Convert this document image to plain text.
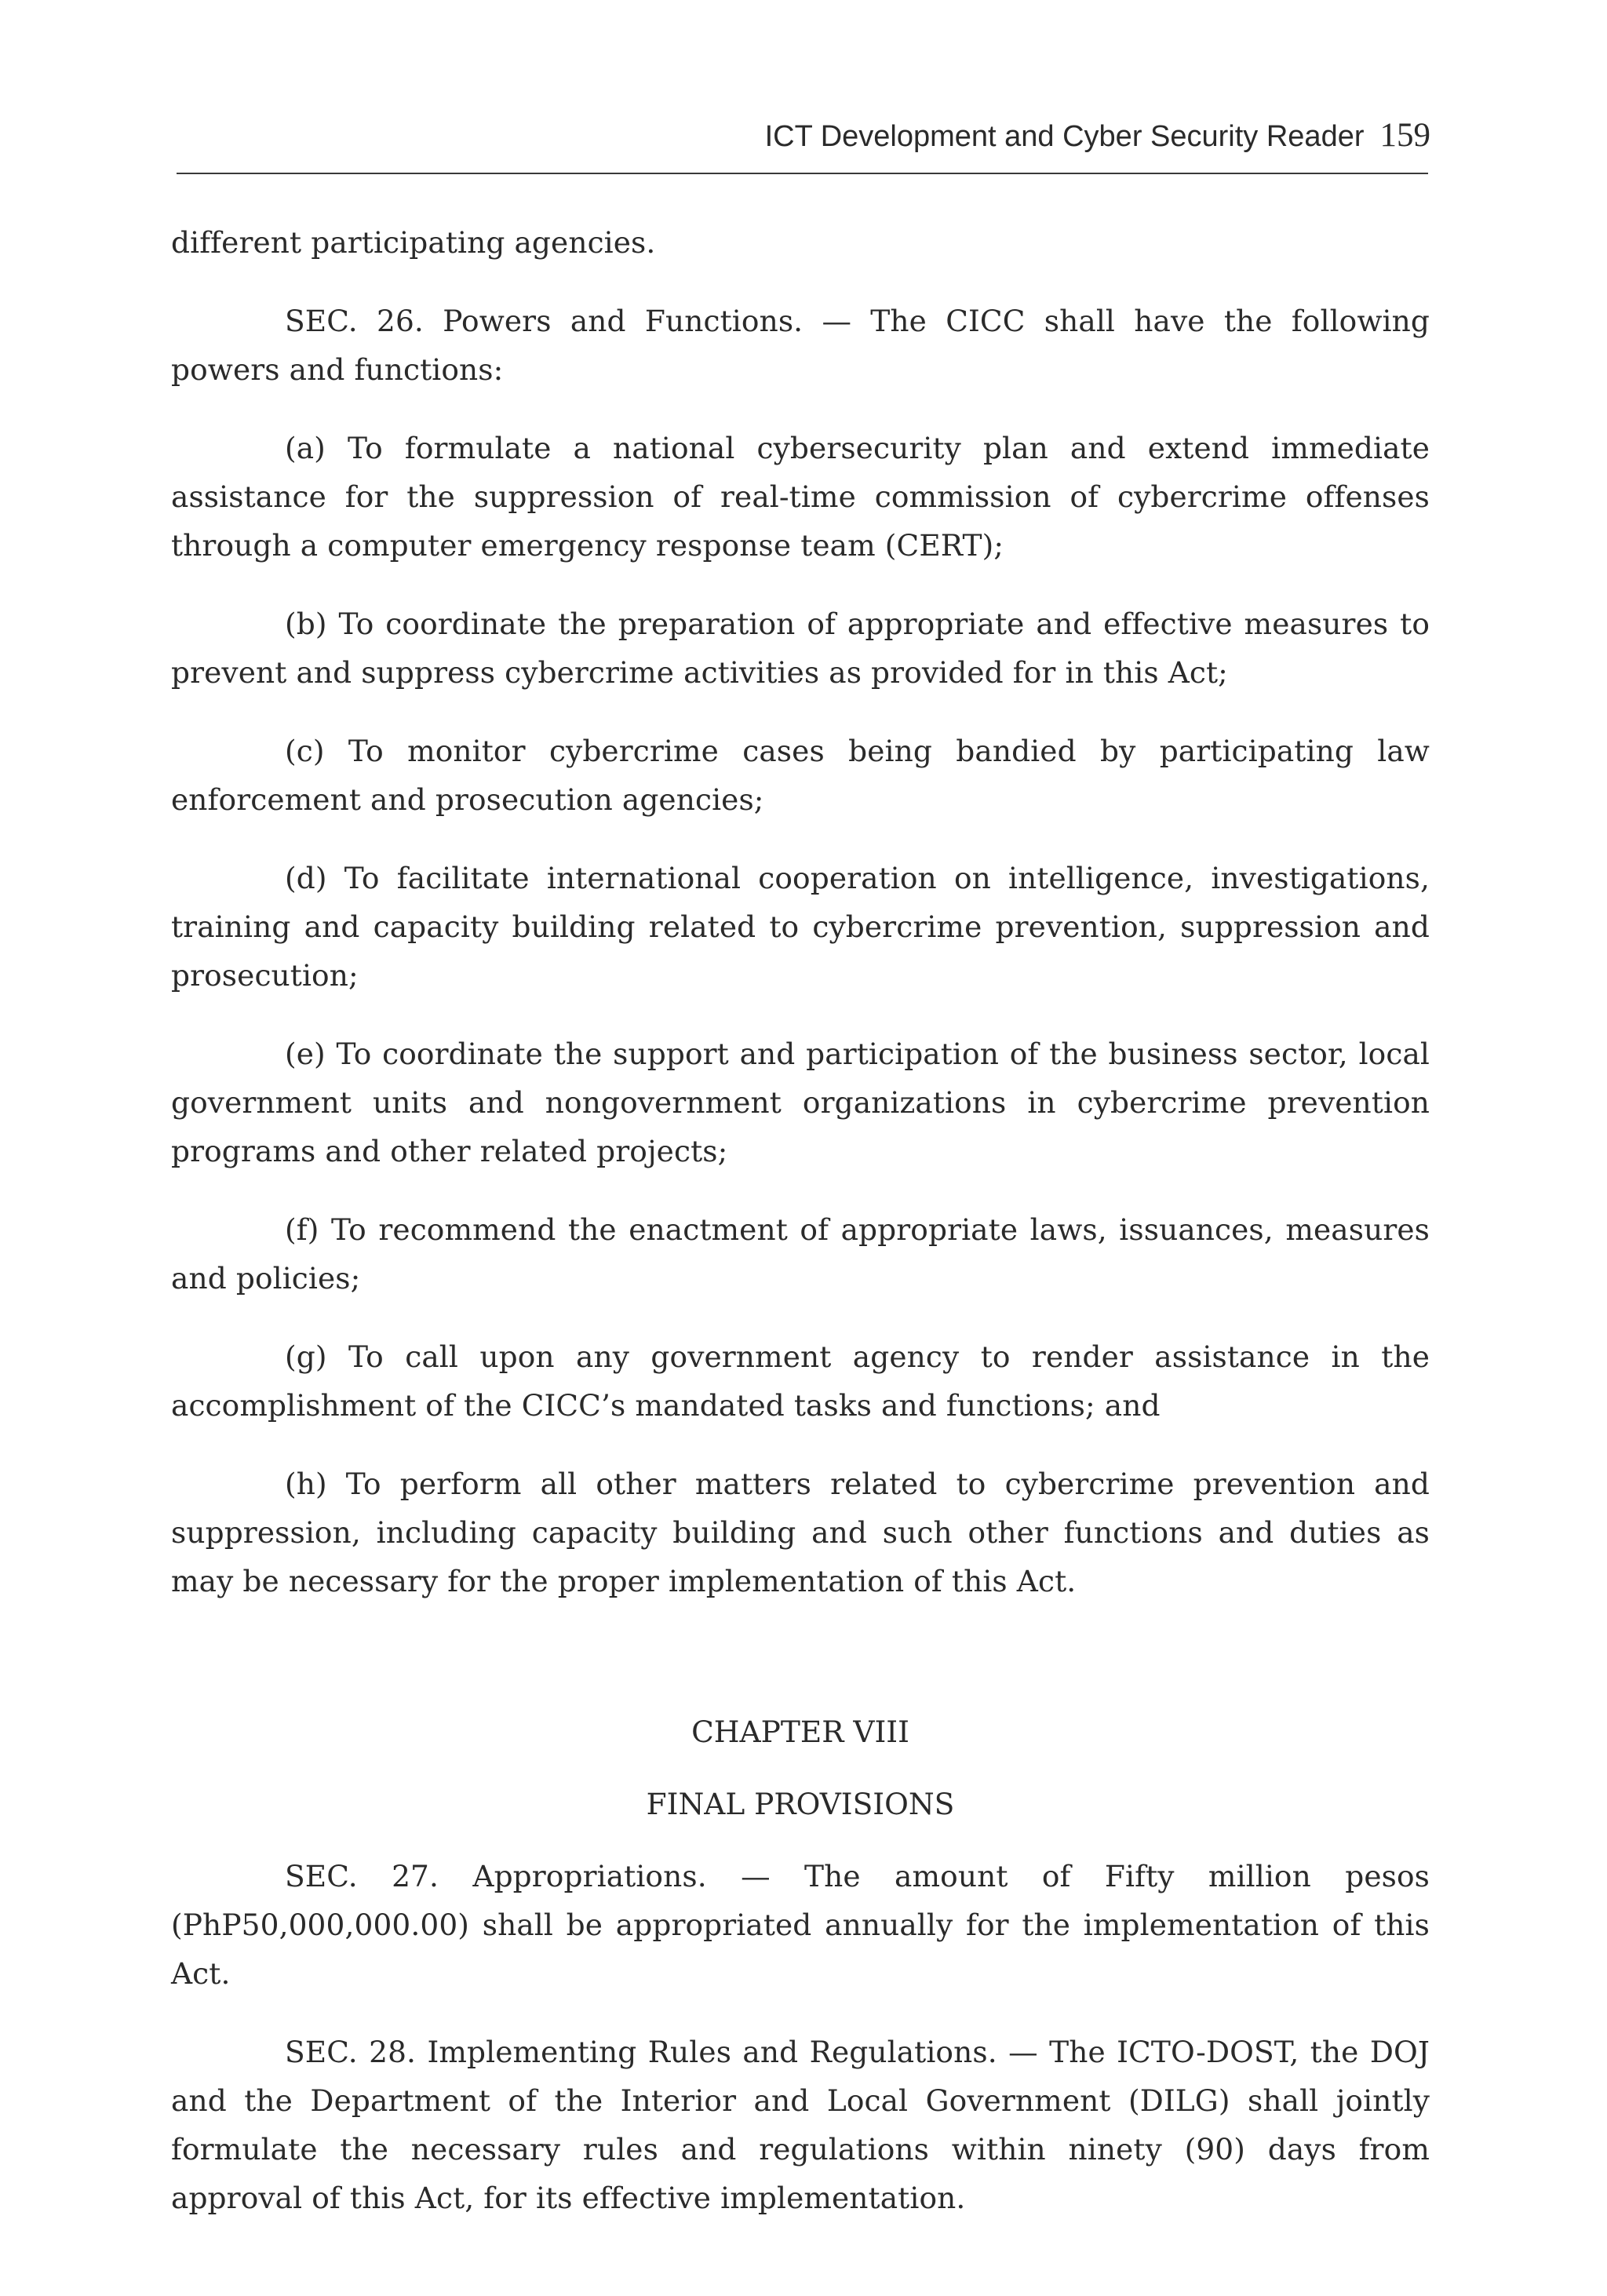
ICT Development and Cyber Security Reader 159

different participating agencies.

SEC. 26. Powers and Functions. — The CICC shall have the following powers and functions:

(a) To formulate a national cybersecurity plan and extend immediate assistance for the suppression of real-time commission of cybercrime offenses through a computer emergency response team (CERT);

(b) To coordinate the preparation of appropriate and effective measures to prevent and suppress cybercrime activities as provided for in this Act;

(c) To monitor cybercrime cases being bandied by participating law enforcement and prosecution agencies;

(d) To facilitate international cooperation on intelligence, investigations, training and capacity building related to cybercrime prevention, suppression and prosecution;

(e) To coordinate the support and participation of the business sector, local government units and nongovernment organizations in cybercrime prevention programs and other related projects;

(f) To recommend the enactment of appropriate laws, issuances, measures and policies;

(g) To call upon any government agency to render assistance in the accomplishment of the CICC’s mandated tasks and functions; and

(h) To perform all other matters related to cybercrime prevention and suppression, including capacity building and such other functions and duties as may be necessary for the proper implementation of this Act.

CHAPTER VIII

FINAL PROVISIONS

SEC. 27. Appropriations. — The amount of Fifty million pesos (PhP50,000,000.00) shall be appropriated annually for the implementation of this Act.

SEC. 28. Implementing Rules and Regulations. — The ICTO-DOST, the DOJ and the Department of the Interior and Local Government (DILG) shall jointly formulate the necessary rules and regulations within ninety (90) days from approval of this Act, for its effective implementation.
